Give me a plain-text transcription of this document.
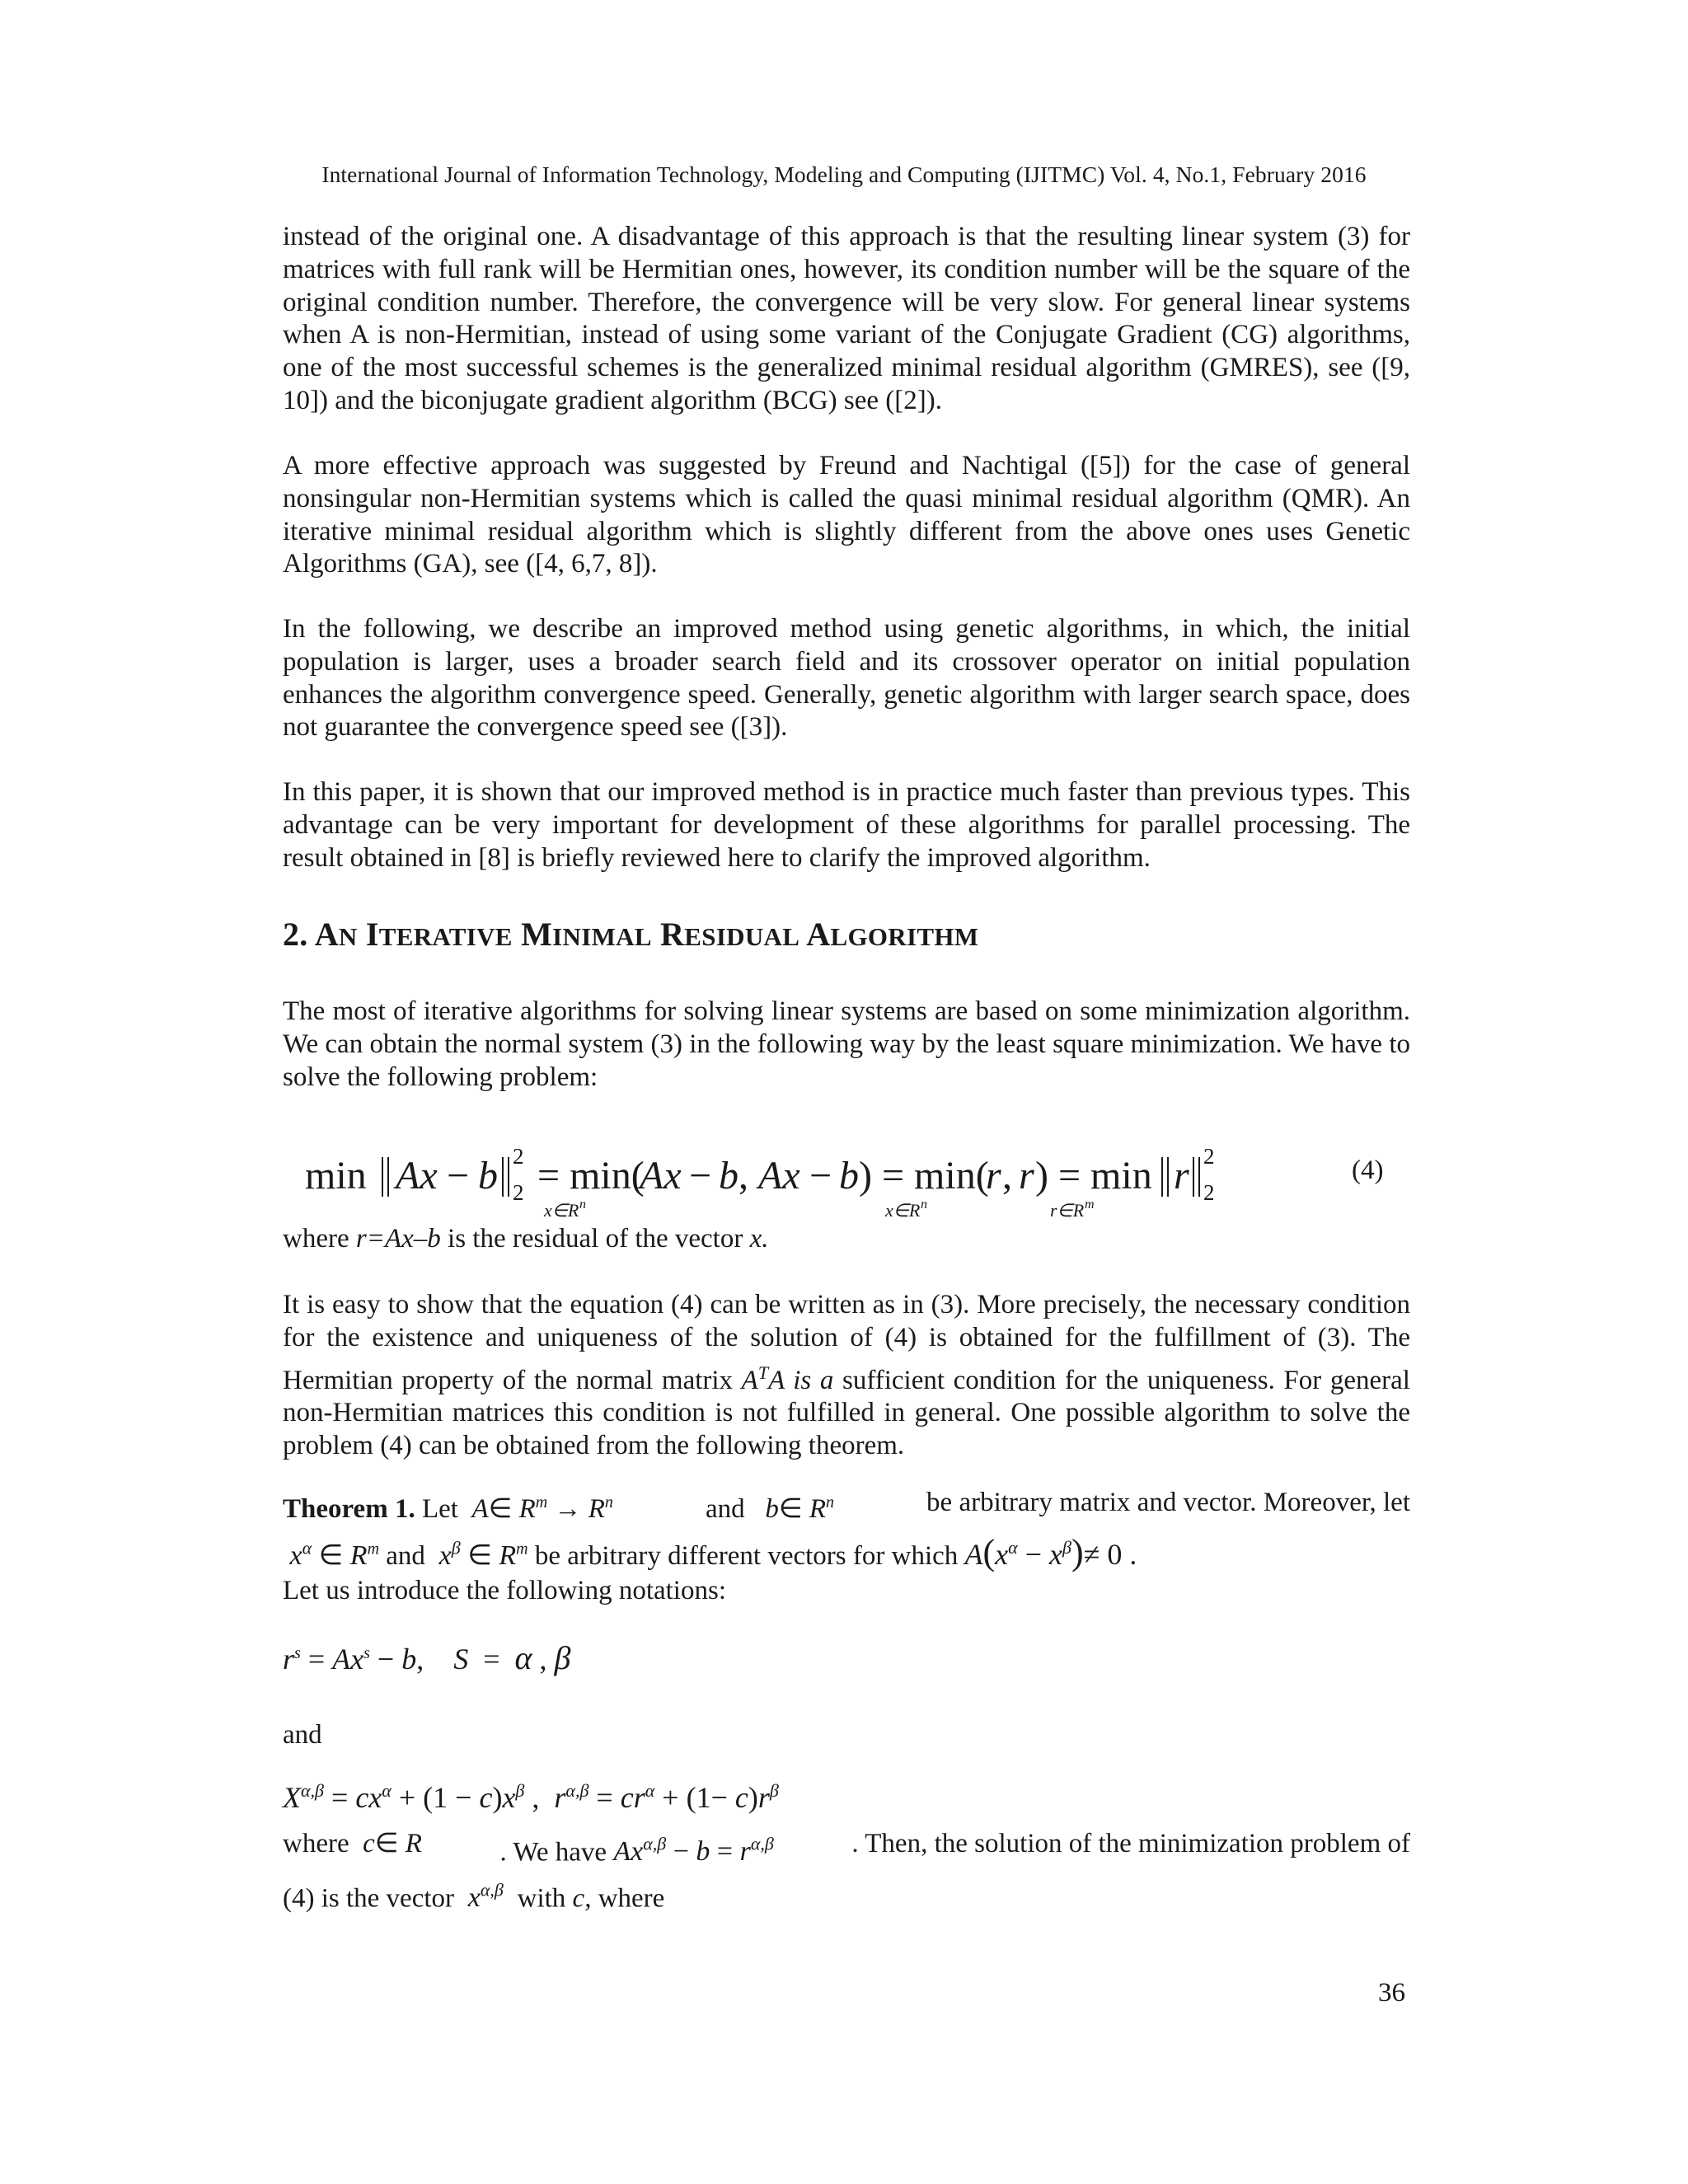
International Journal of Information Technology, Modeling and Computing (IJITMC) Vol. 4, No.1, February 2016

instead of the original one. A disadvantage of this approach is that the resulting linear system (3) for matrices with full rank will be Hermitian ones, however, its condition number will be the square of the original condition number. Therefore, the convergence will be very slow. For general linear systems when A is non-Hermitian, instead of using some variant of the Conjugate Gradient (CG) algorithms, one of the most successful schemes is the generalized minimal residual algorithm (GMRES), see ([9, 10]) and the biconjugate gradient algorithm (BCG) see ([2]).

A more effective approach was suggested by Freund and Nachtigal ([5]) for the case of general nonsingular non-Hermitian systems which is called the quasi minimal residual algorithm (QMR). An iterative minimal residual algorithm which is slightly different from the above ones uses Genetic Algorithms (GA), see ([4, 6,7, 8]).

In the following, we describe an improved method using genetic algorithms, in which, the initial population is larger, uses a broader search field and its crossover operator on initial population enhances the algorithm convergence speed. Generally, genetic algorithm with larger search space, does not guarantee the convergence speed see ([3]).

In this paper, it is shown that our improved method is in practice much faster than previous types. This advantage can be very important for development of these algorithms for parallel processing. The result obtained in [8] is briefly reviewed here to clarify the improved algorithm.

2. AN ITERATIVE MINIMAL RESIDUAL ALGORITHM

The most of iterative algorithms for solving linear systems are based on some minimization algorithm. We can obtain the normal system (3) in the following way by the least square minimization. We have to solve the following problem:

min Ax − b 2
2 = min(
Ax − b , Ax − b ) = min(
r , r ) = min r 2
2
x∈R n	x∈R n	r∈R m
(4)

where r=Ax–b is the residual of the vector x.

It is easy to show that the equation (4) can be written as in (3). More precisely, the necessary condition for the existence and uniqueness of the solution of (4) is obtained for the fulfillment of (3). The Hermitian property of the normal matrix $A^TA$ is a sufficient condition for the uniqueness. For general non-Hermitian matrices this condition is not fulfilled in general. One possible algorithm to solve the problem (4) can be obtained from the following theorem.

Theorem 1. Let  A∈ $R^m \to R^n$	and   b∈ $R^n$	be arbitrary matrix and vector. Moreover, let
$x^\alpha$ ∈ $R^m$ and  $x^\beta$ ∈ $R^m$ be arbitrary different vectors for which $A(x^\alpha - x^\beta)\ne 0$ .
Let us introduce the following notations:
$r^s = Ax^s - b$,    S  =  α , β
and
$X^{\alpha,\beta} = cx^\alpha + (1 - c)x^\beta$ ,  $r^{\alpha,\beta} = cr^\alpha + (1- c)r^\beta$
where  c∈ R	. We have $Ax^{\alpha,\beta} - b = r^{\alpha,\beta}$	. Then, the solution of the minimization problem of
(4) is the vector  $x^{\alpha,\beta}$  with c, where
36
